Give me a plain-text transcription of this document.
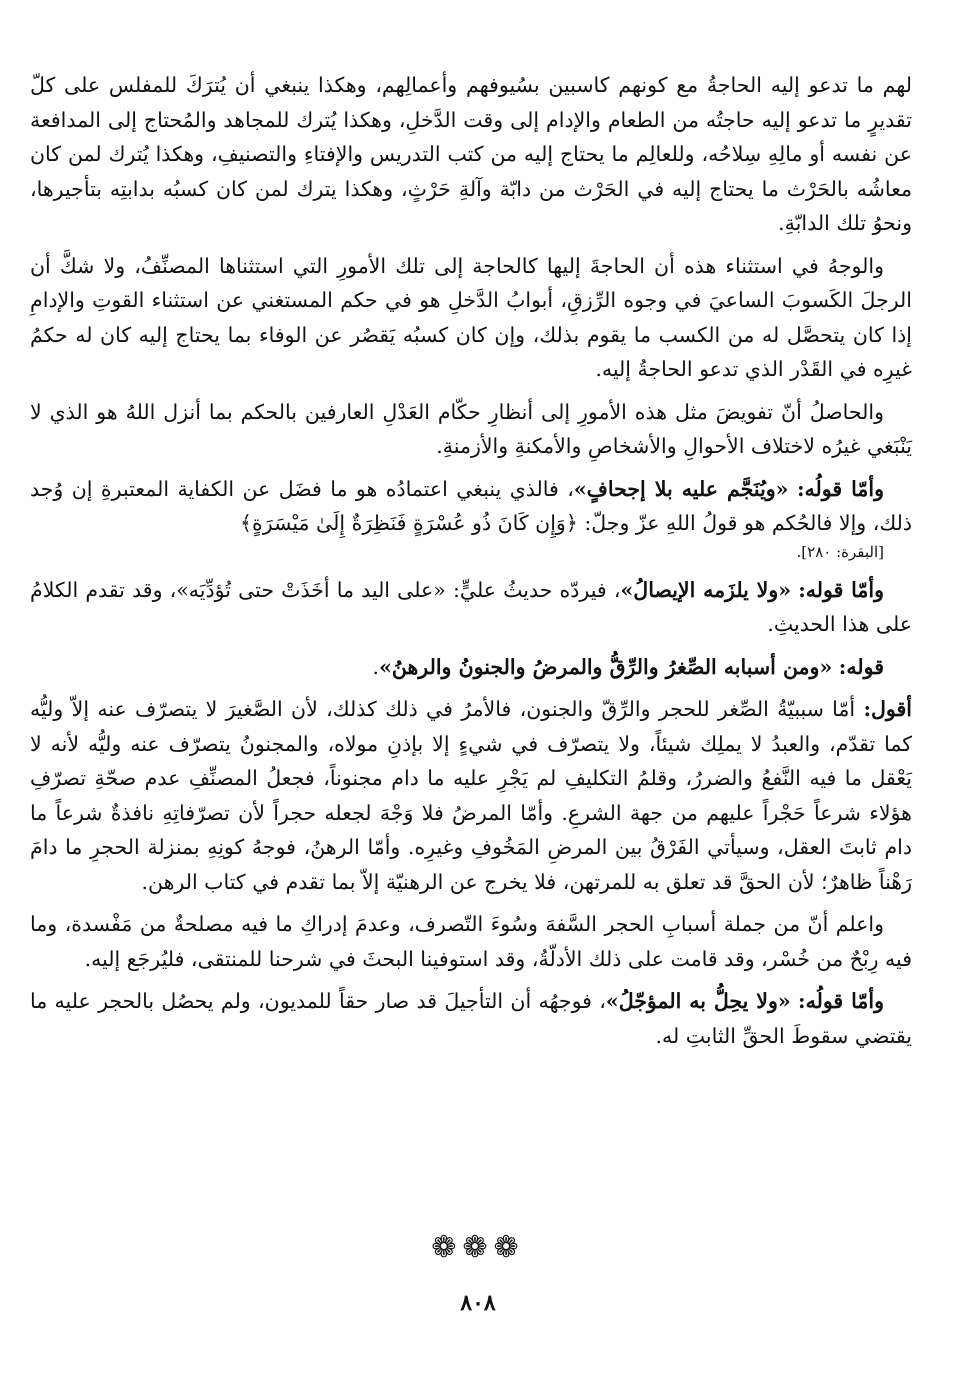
لهم ما تدعو إليه الحاجةُ مع كونهم كاسبين بسُيوفهم وأعمالِهم، وهكذا ينبغي أن يُترَكَ للمفلس على كلّ تقديرٍ ما تدعو إليه حاجتُه من الطعام والإدام إلى وقت الدَّخلِ، وهكذا يُترك للمجاهد والمُحتاج إلى المدافعة عن نفسه أو مالِهِ سِلاحُه، وللعالِم ما يحتاج إليه من كتب التدريس والإفتاءِ والتصنيفِ، وهكذا يُترك لمن كان معاشُه بالحَرْث ما يحتاج إليه في الحَرْث من دابّة وآلةِ حَرْثٍ، وهكذا يترك لمن كان كسبُه بدابتِه بتأجيرها، ونحوُ تلك الدابّةِ.

والوجهُ في استثناء هذه أن الحاجةَ إليها كالحاجة إلى تلك الأمورِ التي استثناها المصنِّفُ، ولا شكَّ أن الرجلَ الكَسوبَ الساعيَ في وجوه الرِّزقِ، أبوابُ الدَّخلِ هو في حكم المستغني عن استثناء القوتِ والإدامِ إذا كان يتحصَّل له من الكسب ما يقوم بذلك، وإن كان كسبُه يَقصُر عن الوفاء بما يحتاج إليه كان له حكمُ غيرِه في القَدْر الذي تدعو الحاجةُ إليه.

والحاصلُ أنّ تفويضَ مثل هذه الأمورِ إلى أنظارِ حكّام العَدْلِ العارفين بالحكم بما أنزل اللهُ هو الذي لا يَنْبَغي غيرُه لاختلاف الأحوالِ والأشخاصِ والأمكنةِ والأزمنةِ.

وأمّا قولُه: «ويُنَجَّم عليه بلا إجحافٍ»، فالذي ينبغي اعتمادُه هو ما فضَل عن الكفاية المعتبرةِ إن وُجد ذلك، وإلا فالحُكم هو قولُ اللهِ عزّ وجلّ: ﴿وَإِن كَانَ ذُو عُسْرَةٍ فَنَظِرَةٌ إِلَىٰ مَيْسَرَةٍ﴾
[البقرة: ٢٨٠].

وأمّا قوله: «ولا يلزَمه الإيصالُ»، فيردّه حديثُ عليٍّ: «على اليد ما أخَذَتْ حتى تُؤدِّيَه»، وقد تقدم الكلامُ على هذا الحديثِ.

قوله: «ومن أسبابه الصِّغرُ والرِّقُّ والمرضُ والجنونُ والرهنُ».

أقول: أمّا سببيّةُ الصِّغر للحجر والرِّقّ والجنون، فالأمرُ في ذلك كذلك، لأن الصَّغيرَ لا يتصرّف عنه إلاّ وليُّه كما تقدّم، والعبدُ لا يملِك شيئاً، ولا يتصرّف في شيءٍ إلا بإذنِ مولاه، والمجنونُ يتصرّف عنه وليُّه لأنه لا يَعْقل ما فيه النَّفعُ والضررُ، وقلمُ التكليفِ لم يَجْرِ عليه ما دام مجنوناً، فجعلُ المصنِّفِ عدم صحّةِ تصرّفِ هؤلاء شرعاً حَجْراً عليهم من جهة الشرعِ. وأمّا المرضُ فلا وَجْهَ لجعله حجراً لأن تصرّفاتِهِ نافذةٌ شرعاً ما دام ثابتَ العقل، وسيأتي الفَرْقُ بين المرضِ المَخُوفِ وغيرِه. وأمّا الرهنُ، فوجهُ كونِهِ بمنزلة الحجرِ ما دامَ رَهْناً ظاهرٌ؛ لأن الحقَّ قد تعلق به للمرتهن، فلا يخرج عن الرهنيّة إلاّ بما تقدم في كتاب الرهن.

واعلم أنّ من جملة أسبابِ الحجر السَّفهَ وسُوءَ التّصرف، وعدمَ إدراكِ ما فيه مصلحةٌ من مَفْسدة، وما فيه رِبْحٌ من خُسْر، وقد قامت على ذلك الأدلّةُ، وقد استوفينا البحثَ في شرحنا للمنتقى، فليُرجَع إليه.

وأمّا قولُه: «ولا يحِلُّ به المؤجّلُ»، فوجهُه أن التأجيلَ قد صار حقاً للمديون، ولم يحصُل بالحجر عليه ما يقتضي سقوطَ الحقِّ الثابتِ له.

❁❁❁
٨٠٨
